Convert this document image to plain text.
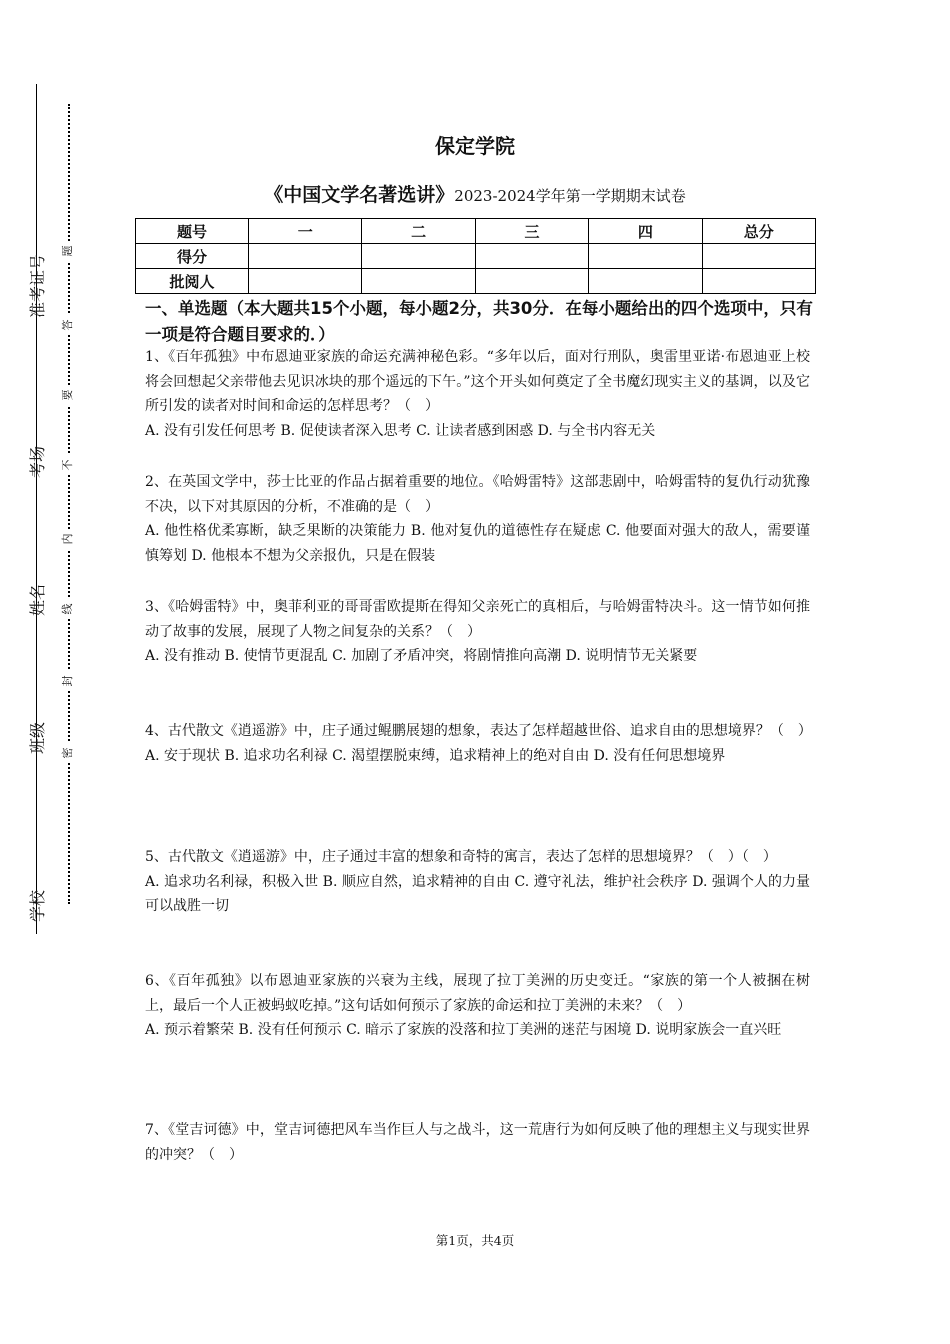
准考证号
考场
姓名
班级
学校
题
答
要
不
内
线
封
密
保定学院
《中国文学名著选讲》2023-2024学年第一学期期末试卷
题号	一	二	三	四	总分
得分					
批阅人					
一、单选题（本大题共15个小题，每小题2分，共30分．在每小题给出的四个选项中，只有一项是符合题目要求的．）

1、《百年孤独》中布恩迪亚家族的命运充满神秘色彩。“多年以后，面对行刑队，奥雷里亚诺·布恩迪亚上校将会回想起父亲带他去见识冰块的那个遥远的下午。”这个开头如何奠定了全书魔幻现实主义的基调，以及它所引发的读者对时间和命运的怎样思考？（　）

A. 没有引发任何思考 B. 促使读者深入思考 C. 让读者感到困惑 D. 与全书内容无关

2、在英国文学中，莎士比亚的作品占据着重要的地位。《哈姆雷特》这部悲剧中，哈姆雷特的复仇行动犹豫不决，以下对其原因的分析，不准确的是（　）

A. 他性格优柔寡断，缺乏果断的决策能力 B. 他对复仇的道德性存在疑虑 C. 他要面对强大的敌人，需要谨慎筹划 D. 他根本不想为父亲报仇，只是在假装

3、《哈姆雷特》中，奥菲利亚的哥哥雷欧提斯在得知父亲死亡的真相后，与哈姆雷特决斗。这一情节如何推动了故事的发展，展现了人物之间复杂的关系？（　）

A. 没有推动 B. 使情节更混乱 C. 加剧了矛盾冲突，将剧情推向高潮 D. 说明情节无关紧要

4、古代散文《逍遥游》中，庄子通过鲲鹏展翅的想象，表达了怎样超越世俗、追求自由的思想境界？（　）

A. 安于现状 B. 追求功名利禄 C. 渴望摆脱束缚，追求精神上的绝对自由 D. 没有任何思想境界

5、古代散文《逍遥游》中，庄子通过丰富的想象和奇特的寓言，表达了怎样的思想境界？（　）（　）

A. 追求功名利禄，积极入世 B. 顺应自然，追求精神的自由 C. 遵守礼法，维护社会秩序 D. 强调个人的力量可以战胜一切

6、《百年孤独》以布恩迪亚家族的兴衰为主线，展现了拉丁美洲的历史变迁。“家族的第一个人被捆在树上，最后一个人正被蚂蚁吃掉。”这句话如何预示了家族的命运和拉丁美洲的未来？（　）

A. 预示着繁荣 B. 没有任何预示 C. 暗示了家族的没落和拉丁美洲的迷茫与困境 D. 说明家族会一直兴旺

7、《堂吉诃德》中，堂吉诃德把风车当作巨人与之战斗，这一荒唐行为如何反映了他的理想主义与现实世界的冲突？（　）

第1页，共4页
